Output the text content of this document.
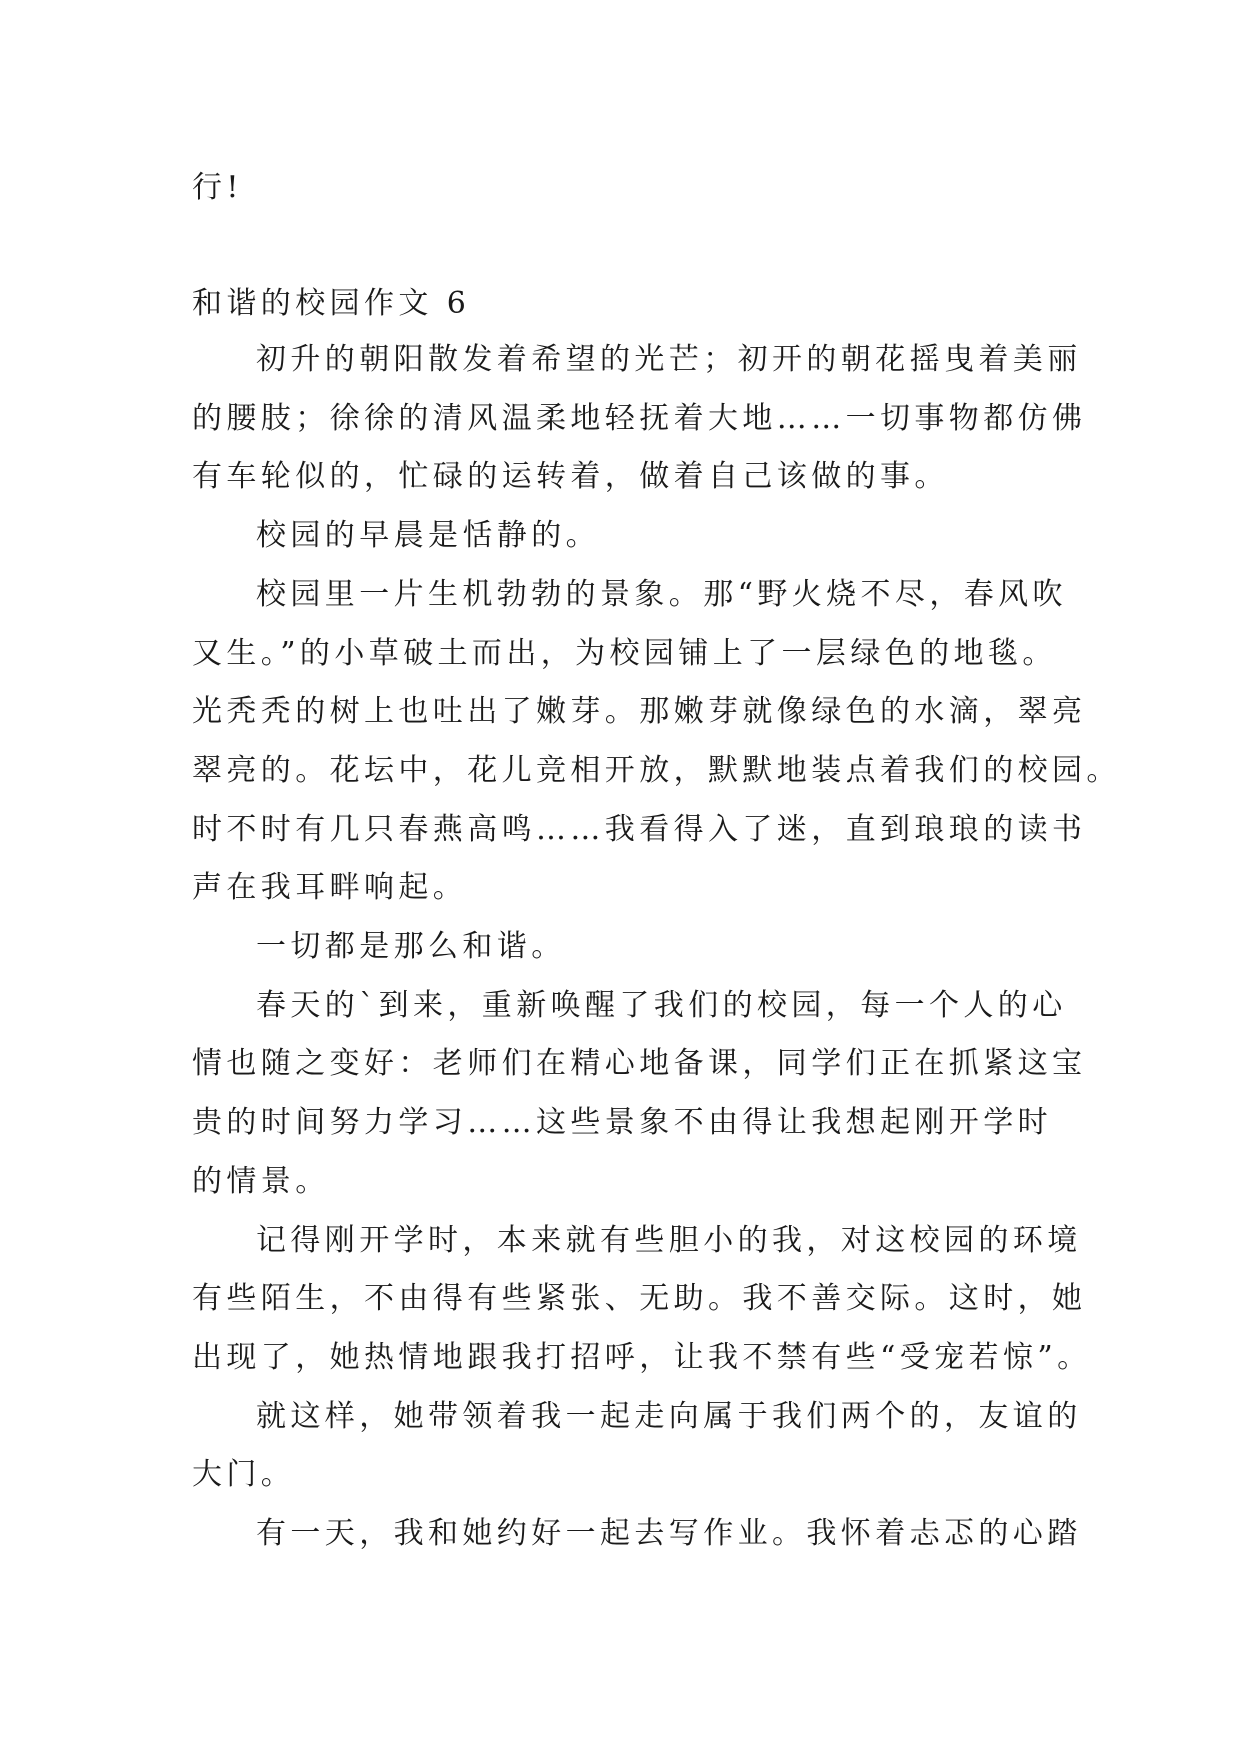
行!

和谐的校园作文 6

初升的朝阳散发着希望的光芒；初开的朝花摇曳着美丽

的腰肢；徐徐的清风温柔地轻抚着大地……一切事物都仿佛

有车轮似的，忙碌的运转着，做着自己该做的事。

校园的早晨是恬静的。

校园里一片生机勃勃的景象。那“野火烧不尽，春风吹

又生。”的小草破土而出，为校园铺上了一层绿色的地毯。

光秃秃的树上也吐出了嫩芽。那嫩芽就像绿色的水滴，翠亮

翠亮的。花坛中，花儿竞相开放，默默地装点着我们的校园。

时不时有几只春燕高鸣……我看得入了迷，直到琅琅的读书

声在我耳畔响起。

一切都是那么和谐。

春天的`到来，重新唤醒了我们的校园，每一个人的心

情也随之变好：老师们在精心地备课，同学们正在抓紧这宝

贵的时间努力学习……这些景象不由得让我想起刚开学时

的情景。

记得刚开学时，本来就有些胆小的我，对这校园的环境

有些陌生，不由得有些紧张、无助。我不善交际。这时，她

出现了，她热情地跟我打招呼，让我不禁有些“受宠若惊”。

就这样，她带领着我一起走向属于我们两个的，友谊的

大门。

有一天，我和她约好一起去写作业。我怀着忐忑的心踏
